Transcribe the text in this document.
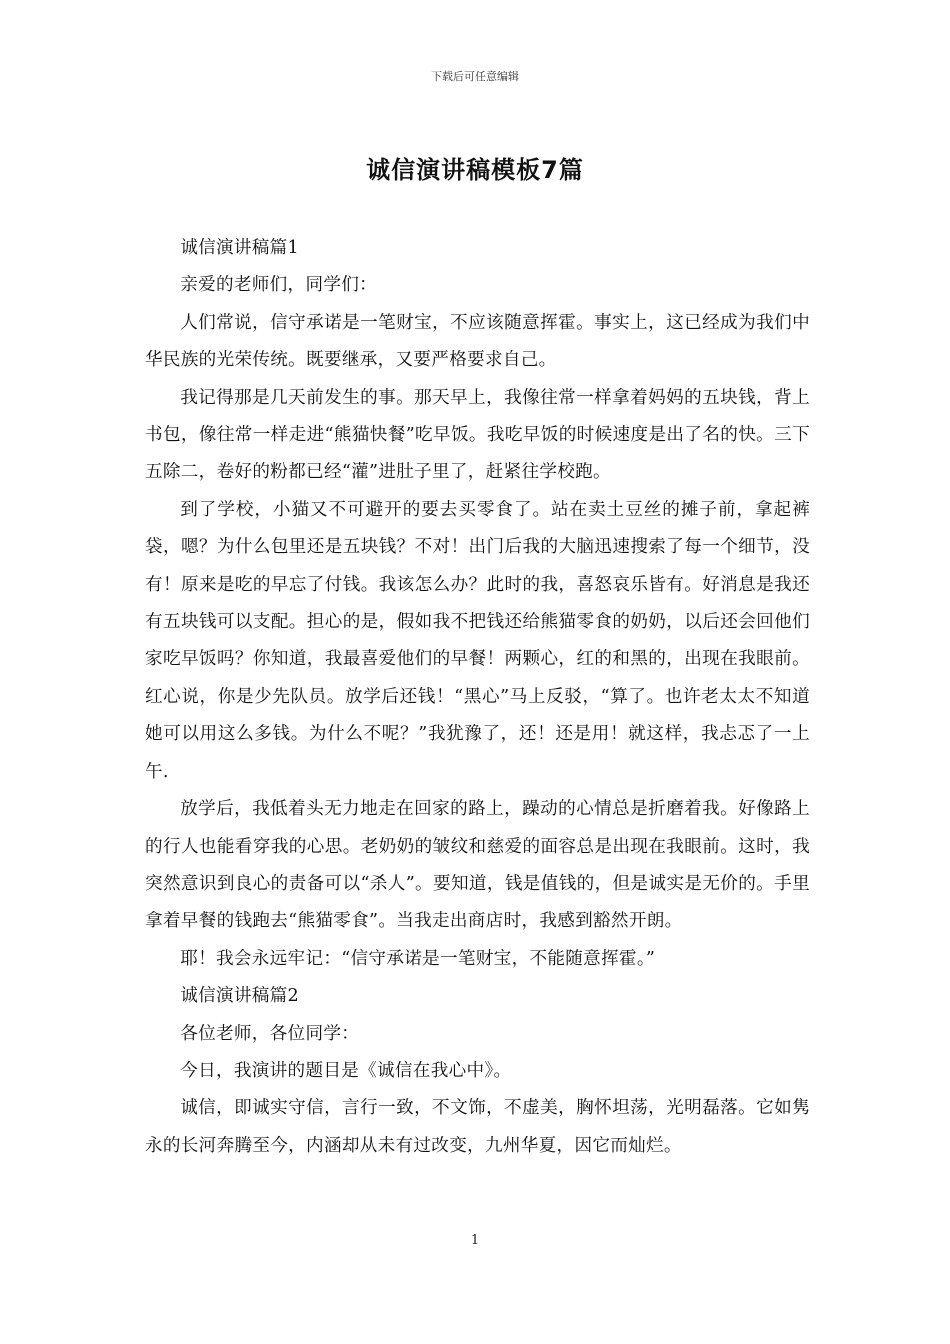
下载后可任意编辑
诚信演讲稿模板7篇

诚信演讲稿篇1

亲爱的老师们，同学们：

人们常说，信守承诺是一笔财宝，不应该随意挥霍。事实上，这已经成为我们中华民族的光荣传统。既要继承，又要严格要求自己。

我记得那是几天前发生的事。那天早上，我像往常一样拿着妈妈的五块钱，背上书包，像往常一样走进“熊猫快餐”吃早饭。我吃早饭的时候速度是出了名的快。三下五除二，卷好的粉都已经“灌”进肚子里了，赶紧往学校跑。

到了学校，小猫又不可避开的要去买零食了。站在卖土豆丝的摊子前，拿起裤袋，嗯？为什么包里还是五块钱？不对！出门后我的大脑迅速搜索了每一个细节，没有！原来是吃的早忘了付钱。我该怎么办？此时的我，喜怒哀乐皆有。好消息是我还有五块钱可以支配。担心的是，假如我不把钱还给熊猫零食的奶奶，以后还会回他们家吃早饭吗？你知道，我最喜爱他们的早餐！两颗心，红的和黑的，出现在我眼前。红心说，你是少先队员。放学后还钱！“黑心”马上反驳，“算了。也许老太太不知道她可以用这么多钱。为什么不呢？”我犹豫了，还！还是用！就这样，我忐忑了一上午.

放学后，我低着头无力地走在回家的路上，躁动的心情总是折磨着我。好像路上的行人也能看穿我的心思。老奶奶的皱纹和慈爱的面容总是出现在我眼前。这时，我突然意识到良心的责备可以“杀人”。要知道，钱是值钱的，但是诚实是无价的。手里拿着早餐的钱跑去“熊猫零食”。当我走出商店时，我感到豁然开朗。

耶！我会永远牢记：“信守承诺是一笔财宝，不能随意挥霍。”

诚信演讲稿篇2

各位老师，各位同学：

今日，我演讲的题目是《诚信在我心中》。

诚信，即诚实守信，言行一致，不文饰，不虚美，胸怀坦荡，光明磊落。它如隽永的长河奔腾至今，内涵却从未有过改变，九州华夏，因它而灿烂。

1
